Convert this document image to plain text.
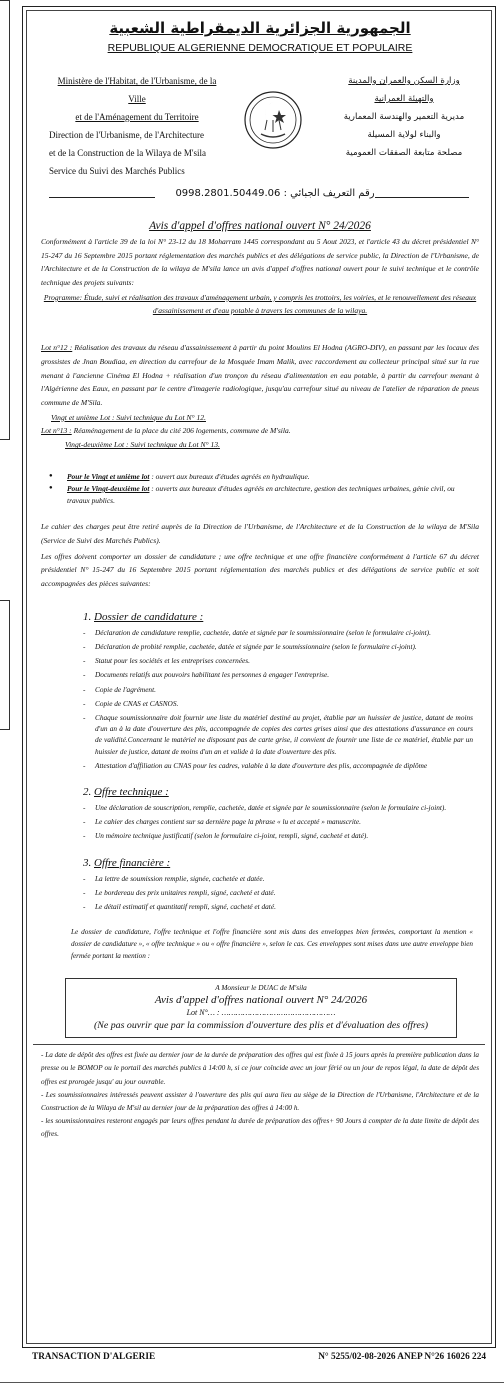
الجمهورية الجزائرية الديمقراطية الشعبية
REPUBLIQUE ALGERIENNE DEMOCRATIQUE ET POPULAIRE
Ministère de l'Habitat, de l'Urbanisme, de la Ville
et de l'Aménagement du Territoire
Direction de l'Urbanisme, de l'Architecture
et de la Construction de la Wilaya de M'sila
Service du Suivi des Marchés Publics
وزارة السكن والعمران والمدينة
والتهيئة العمرانية
مديرية التعمير والهندسة المعمارية
والبناء لولاية المسيلة
مصلحة متابعة الصفقات العمومية
رقم التعريف الجبائي : 0998.2801.50449.06
Avis d'appel d'offres national ouvert N° 24/2026
Conformément à l'article 39 de la loi N° 23-12 du 18 Moharram 1445 correspondant au 5 Aout 2023, et l'article 43 du décret présidentiel N° 15-247 du 16 Septembre 2015 portant réglementation des marchés publics et des délégations de service public, la Direction de l'Urbanisme, de l'Architecture et de la Construction de la wilaya de M'sila lance un avis d'appel d'offres national ouvert pour le suivi technique et le contrôle technique des projets suivants:
Programme: Étude, suivi et réalisation des travaux d'aménagement urbain, y compris les trottoirs, les voiries, et le renouvellement des réseaux d'assainissement et d'eau potable à travers les communes de la wilaya.
Lot n°12 : Réalisation des travaux du réseau d'assainissement à partir du point Moulins El Hodna (AGRO-DIV), en passant par les locaux des grossistes de Jnan Boudiaa, en direction du carrefour de la Mosquée Imam Malik, avec raccordement au collecteur principal situé sur la rue menant à l'ancienne Cinéma El Hodna + réalisation d'un tronçon du réseau d'alimentation en eau potable, à partir du carrefour menant à l'Algérienne des Eaux, en passant par le centre d'imagerie radiologique, jusqu'au carrefour situé au niveau de l'atelier de réparation de pneus commune de M'Sila.
Vingt et unième Lot : Suivi technique du Lot N° 12.
Lot n°13 : Réaménagement de la place du cité 206 logements, commune de M'sila.
Vingt-deuxième Lot : Suivi technique du Lot N° 13.
● Pour le Vingt et unième lot : ouvert aux bureaux d'études agréés en hydraulique.
● Pour le Vingt-deuxième lot : ouverts aux bureaux d'études agréés en architecture, gestion des techniques urbaines, génie civil, ou travaux publics.
Le cahier des charges peut être retiré auprès de la Direction de l'Urbanisme, de l'Architecture et de la Construction de la wilaya de M'Sila (Service de Suivi des Marchés Publics).
Les offres doivent comporter un dossier de candidature ; une offre technique et une offre financière conformément à l'article 67 du décret présidentiel N° 15-247 du 16 Septembre 2015 portant réglementation des marchés publics et des délégations de service public et soit accompagnées des pièces suivantes:
1. Dossier de candidature :
- Déclaration de candidature remplie, cachetée, datée et signée par le soumissionnaire (selon le formulaire ci-joint).
- Déclaration de probité remplie, cachetée, datée et signée par le soumissionnaire (selon le formulaire ci-joint).
- Statut pour les sociétés et les entreprises concernées.
- Documents relatifs aux pouvoirs habilitant les personnes à engager l'entreprise.
- Copie de l'agrément.
- Copie de CNAS et CASNOS.
- Chaque soumissionnaire doit fournir une liste du matériel destiné au projet, établie par un huissier de justice, datant de moins d'un an à la date d'ouverture des plis, accompagnée de copies des cartes grises ainsi que des attestations d'assurance en cours de validité.Concernant le matériel ne disposant pas de carte grise, il convient de fournir une liste de ce matériel, établie par un huissier de justice, datant de moins d'un an et valide à la date d'ouverture des plis.
- Attestation d'affiliation au CNAS pour les cadres, valable à la date d'ouverture des plis, accompagnée de diplôme
2. Offre technique :
- Une déclaration de souscription, remplie, cachetée, datée et signée par le soumissionnaire (selon le formulaire ci-joint).
- Le cahier des charges contient sur sa dernière page la phrase « lu et accepté » manuscrite.
- Un mémoire technique justificatif (selon le formulaire ci-joint, rempli, signé, cacheté et daté).
3. Offre financière :
- La lettre de soumission remplie, signée, cachetée et datée.
- Le bordereau des prix unitaires rempli, signé, cacheté et daté.
- Le détail estimatif et quantitatif rempli, signé, cacheté et daté.
Le dossier de candidature, l'offre technique et l'offre financière sont mis dans des enveloppes bien fermées, comportant la mention « dossier de candidature », « offre technique » ou « offre financière », selon le cas. Ces enveloppes sont mises dans une autre enveloppe bien fermée portant la mention :
A Monsieur le DUAC de M'sila
Avis d'appel d'offres national ouvert N° 24/2026
Lot N°… : …………………………………………
(Ne pas ouvrir que par la commission d'ouverture des plis et d'évaluation des offres)
- La date de dépôt des offres est fixée au dernier jour de la durée de préparation des offres qui est fixée à 15 jours après la première publication dans la presse ou le BOMOP ou le portail des marchés publics à 14:00 h, si ce jour coïncide avec un jour férié ou un jour de repos légal, la date de dépôt des offres est prorogée jusqu' au jour ouvrable.
- Les soumissionnaires intéressés peuvent assister à l'ouverture des plis qui aura lieu au siège de la Direction de l'Urbanisme, l'Architecture et de la Construction de la Wilaya de M'sil au dernier jour de la préparation des offres à 14:00 h.
- les soumissionnaires resteront engagés par leurs offres pendant la durée de préparation des offres+ 90 Jours à compter de la date limite de dépôt des offres.
TRANSACTION D'ALGERIE	N° 5255/02-08-2026 ANEP N°26 16026 224
